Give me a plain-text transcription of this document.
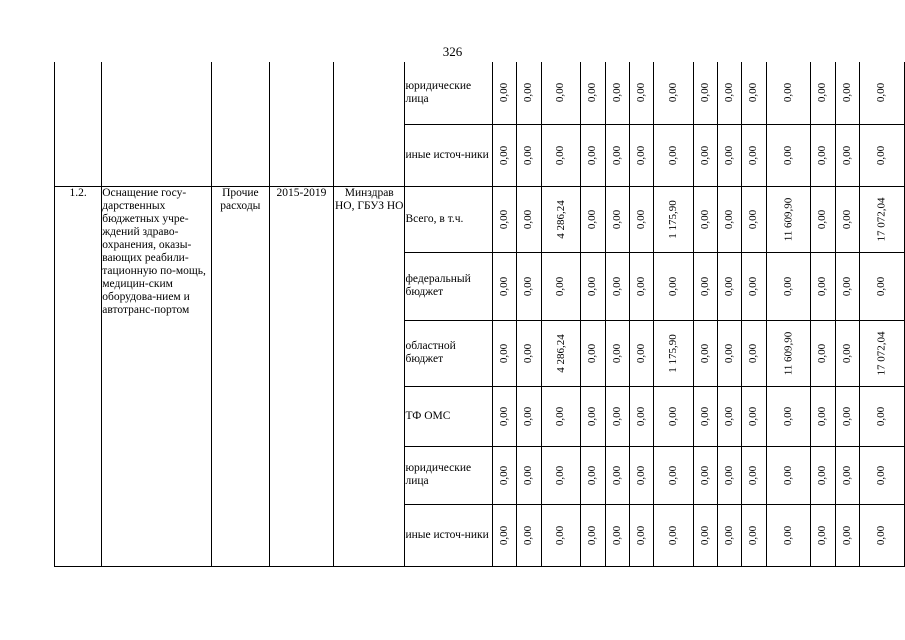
326
					юридические лица	0,00	0,00	0,00	0,00	0,00	0,00	0,00	0,00	0,00	0,00	0,00	0,00	0,00	0,00
					иные источ-ники	0,00	0,00	0,00	0,00	0,00	0,00	0,00	0,00	0,00	0,00	0,00	0,00	0,00	0,00

1.2.	Оснащение госу-дарственных бюджетных учре-ждений здраво-охранения, оказы-вающих реабили-тационную по-мощь, медицин-ским оборудова-нием и автотранс-портом	Прочие расходы	2015-2019	Минздрав НО, ГБУЗ НО	Всего, в т.ч.	0,00	0,00	4 286,24	0,00	0,00	0,00	1 175,90	0,00	0,00	0,00	11 609,90	0,00	0,00	17 072,04
					федеральный бюджет	0,00	0,00	0,00	0,00	0,00	0,00	0,00	0,00	0,00	0,00	0,00	0,00	0,00	0,00
					областной бюджет	0,00	0,00	4 286,24	0,00	0,00	0,00	1 175,90	0,00	0,00	0,00	11 609,90	0,00	0,00	17 072,04
					ТФ ОМС	0,00	0,00	0,00	0,00	0,00	0,00	0,00	0,00	0,00	0,00	0,00	0,00	0,00	0,00
					юридические лица	0,00	0,00	0,00	0,00	0,00	0,00	0,00	0,00	0,00	0,00	0,00	0,00	0,00	0,00
					иные источ-ники	0,00	0,00	0,00	0,00	0,00	0,00	0,00	0,00	0,00	0,00	0,00	0,00	0,00	0,00
